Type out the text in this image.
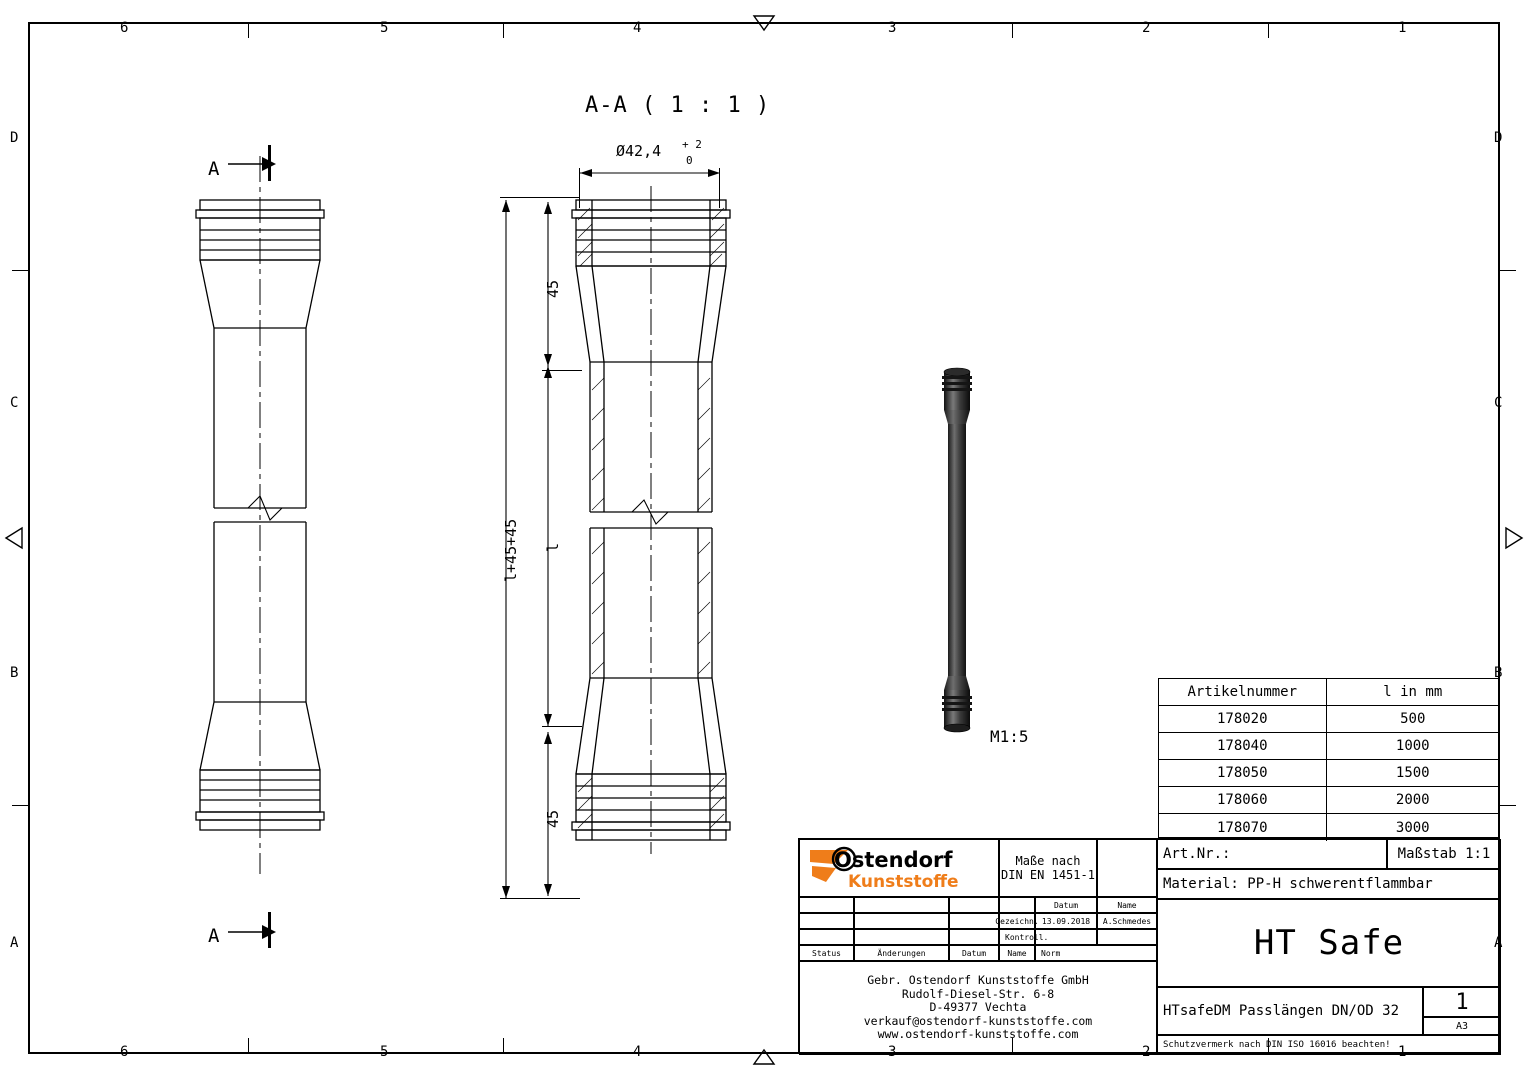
6	5	4	3	2	1
6	5	4	3	2	1
D
C
B
A
D
C
B
A
A
A
A-A ( 1 : 1 )
Ø42,4 + 2
0
45
45
l
l+45+45
M1:5
Artikelnummer	l in mm
178020	500
178040	1000
178050	1500
178060	2000
178070	3000
Ostendorf
Kunststoffe
Maße nach
DIN EN 1451-1
Datum	Name
Gezeichn. 13.09.2018	A.Schmedes
Kontroll.
Status	Änderungen	Datum	Name	Norm
Gebr. Ostendorf Kunststoffe GmbH
Rudolf-Diesel-Str. 6-8
D-49377 Vechta
verkauf@ostendorf-kunststoffe.com
www.ostendorf-kunststoffe.com
Art.Nr.:	Maßstab 1:1
Material: PP-H schwerentflammbar
HT Safe
HTsafeDM Passlängen DN/OD 32	1
A3
Schutzvermerk nach DIN ISO 16016 beachten!
